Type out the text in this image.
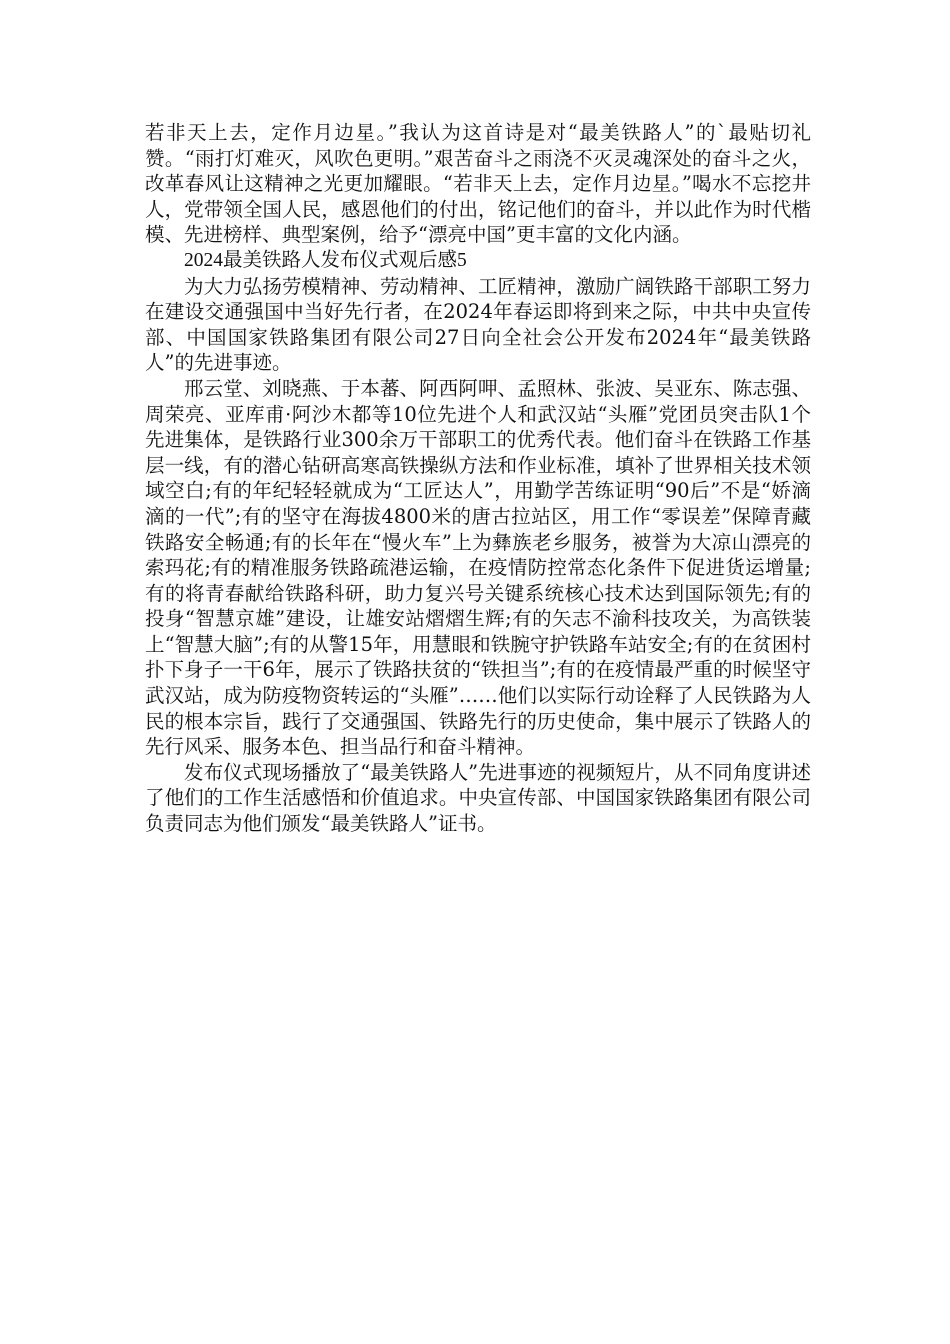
若非天上去，定作月边星。”我认为这首诗是对“最美铁路人”的`最贴切礼赞。“雨打灯难灭，风吹色更明。”艰苦奋斗之雨浇不灭灵魂深处的奋斗之火，改革春风让这精神之光更加耀眼。“若非天上去，定作月边星。”喝水不忘挖井人，党带领全国人民，感恩他们的付出，铭记他们的奋斗，并以此作为时代楷模、先进榜样、典型案例，给予“漂亮中国”更丰富的文化内涵。

2024最美铁路人发布仪式观后感5

为大力弘扬劳模精神、劳动精神、工匠精神，激励广阔铁路干部职工努力在建设交通强国中当好先行者，在2024年春运即将到来之际，中共中央宣传部、中国国家铁路集团有限公司27日向全社会公开发布2024年“最美铁路人”的先进事迹。

邢云堂、刘晓燕、于本蕃、阿西阿呷、孟照林、张波、吴亚东、陈志强、周荣亮、亚库甫·阿沙木都等10位先进个人和武汉站“头雁”党团员突击队1个先进集体，是铁路行业300余万干部职工的优秀代表。他们奋斗在铁路工作基层一线，有的潜心钻研高寒高铁操纵方法和作业标准，填补了世界相关技术领域空白;有的年纪轻轻就成为“工匠达人”，用勤学苦练证明“90后”不是“娇滴滴的一代”;有的坚守在海拔4800米的唐古拉站区，用工作“零误差”保障青藏铁路安全畅通;有的长年在“慢火车”上为彝族老乡服务，被誉为大凉山漂亮的索玛花;有的精准服务铁路疏港运输，在疫情防控常态化条件下促进货运增量;有的将青春献给铁路科研，助力复兴号关键系统核心技术达到国际领先;有的投身“智慧京雄”建设，让雄安站熠熠生辉;有的矢志不渝科技攻关，为高铁装上“智慧大脑”;有的从警15年，用慧眼和铁腕守护铁路车站安全;有的在贫困村扑下身子一干6年，展示了铁路扶贫的“铁担当”;有的在疫情最严重的时候坚守武汉站，成为防疫物资转运的“头雁”……他们以实际行动诠释了人民铁路为人民的根本宗旨，践行了交通强国、铁路先行的历史使命，集中展示了铁路人的先行风采、服务本色、担当品行和奋斗精神。

发布仪式现场播放了“最美铁路人”先进事迹的视频短片，从不同角度讲述了他们的工作生活感悟和价值追求。中央宣传部、中国国家铁路集团有限公司负责同志为他们颁发“最美铁路人”证书。
